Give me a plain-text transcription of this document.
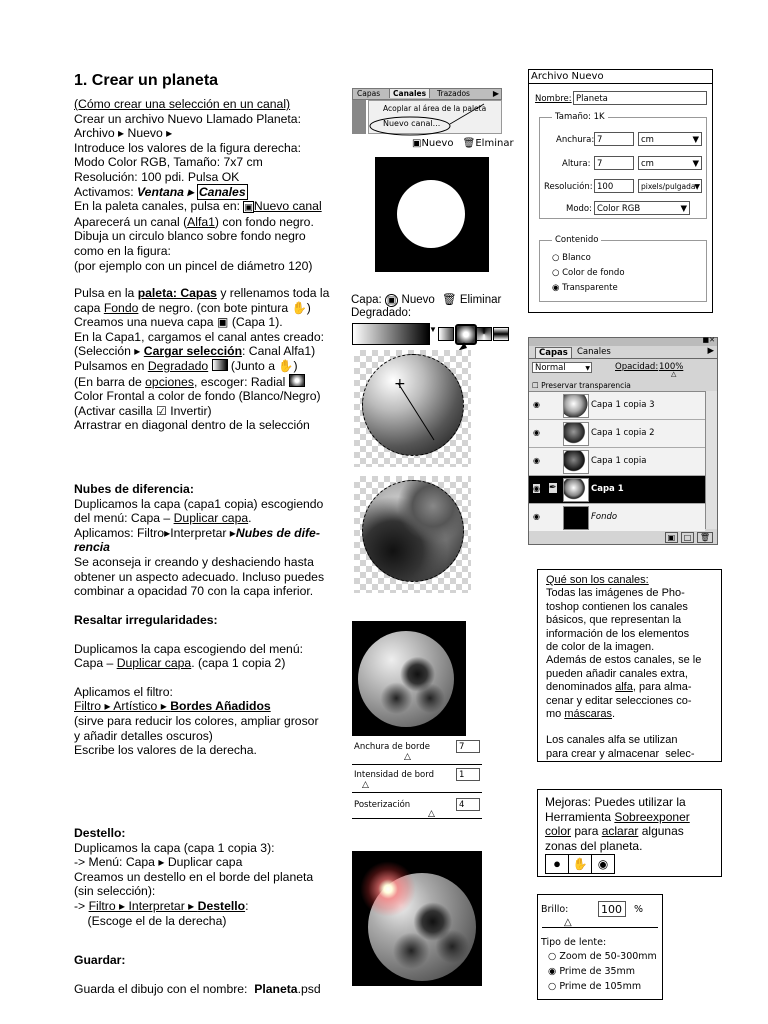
1. Crear un planeta
(Cómo crear una selección en un canal)
Crear un archivo Nuevo Llamado Planeta:
Archivo ▸ Nuevo ▸
Introduce los valores de la figura derecha:
Modo Color RGB, Tamaño: 7x7 cm
Resolución: 100 pdi. Pulsa OK
Activamos: Ventana ▸ Canales
En la paleta canales, pulsa en: ▣Nuevo canal
Aparecerá un canal (Alfa1) con fondo negro.
Dibuja un circulo blanco sobre fondo negro
como en la figura:
(por ejemplo con un pincel de diámetro 120)
Pulsa en la paleta: Capas y rellenamos toda la
capa Fondo de negro. (con bote pintura ✋)
Creamos una nueva capa ▣ (Capa 1).
En la Capa1, cargamos el canal antes creado:
(Selección ▸ Cargar selección: Canal Alfa1)
Pulsamos en Degradado  (Junto a ✋)
(En barra de opciones, escoger: Radial
Color Frontal a color de fondo (Blanco/Negro)
(Activar casilla ☑ Invertir)
Arrastrar en diagonal dentro de la selección
Nubes de diferencia:
Duplicamos la capa (capa1 copia) escogiendo
del menú: Capa – Duplicar capa.
Aplicamos: Filtro▸Interpretar ▸Nubes de dife-
rencia
Se aconseja ir creando y deshaciendo hasta
obtener un aspecto adecuado. Incluso puedes
combinar a opacidad 70 con la capa inferior.
Resaltar irregularidades:
Duplicamos la capa escogiendo del menú:
Capa – Duplicar capa. (capa 1 copia 2)
Aplicamos el filtro:
Filtro ▸ Artístico ▸ Bordes Añadidos
(sirve para reducir los colores, ampliar grosor
y añadir detalles oscuros)
Escribe los valores de la derecha.
Destello:
Duplicamos la capa (capa 1 copia 3):
-> Menú: Capa ▸ Duplicar capa
Creamos un destello en el borde del planeta
(sin selección):
-> Filtro ▸ Interpretar ▸ Destello:
(Escoge el de la derecha)
Guardar:
Guarda el dibujo con el nombre:  Planeta.psd
Capas	Canales	Trazados	▶
Acoplar al área de la paleta
Nuevo canal...
▣Nuevo 🗑Elminar
Archivo Nuevo
Nombre: Planeta
Tamaño: 1K
Anchura: 7	cm	▼
Altura: 7	cm	▼
Resolución: 100	pixels/pulgada
▼
Modo: Color RGB	▼
Contenido
○ Blanco
○ Color de fondo
◉ Transparente
Capa: ▣ Nuevo 🗑 Eliminar
Degradado:
▼
+
■✕
Capas	Canales	▶
Normal	▼	Opacidad: 100%
△
☐ Preservar transparencia
◉	Capa 1 copia 3
◉	Capa 1 copia 2
◉	Capa 1 copia
◉ ✒	Capa 1
◉	Fondo
▣ □ 🗑
Qué son los canales:
Todas las imágenes de Pho-
toshop contienen los canales
básicos, que representan la
información de los elementos
de color de la imagen.
Además de estos canales, se le
pueden añadir canales extra,
denominados alfa, para alma-
cenar y editar selecciones co-
mo máscaras.
Los canales alfa se utilizan
para crear y almacenar  selec-
Anchura de borde	7
△
Intensidad de bord	1
△
Posterización	4
△
Mejoras: Puedes utilizar la
Herramienta Sobreexponer
color para aclarar algunas
zonas del planeta.
● ✋ ◉
Brillo:	100	%
△
Tipo de lente:
○ Zoom de 50-300mm
◉ Prime de 35mm
○ Prime de 105mm
